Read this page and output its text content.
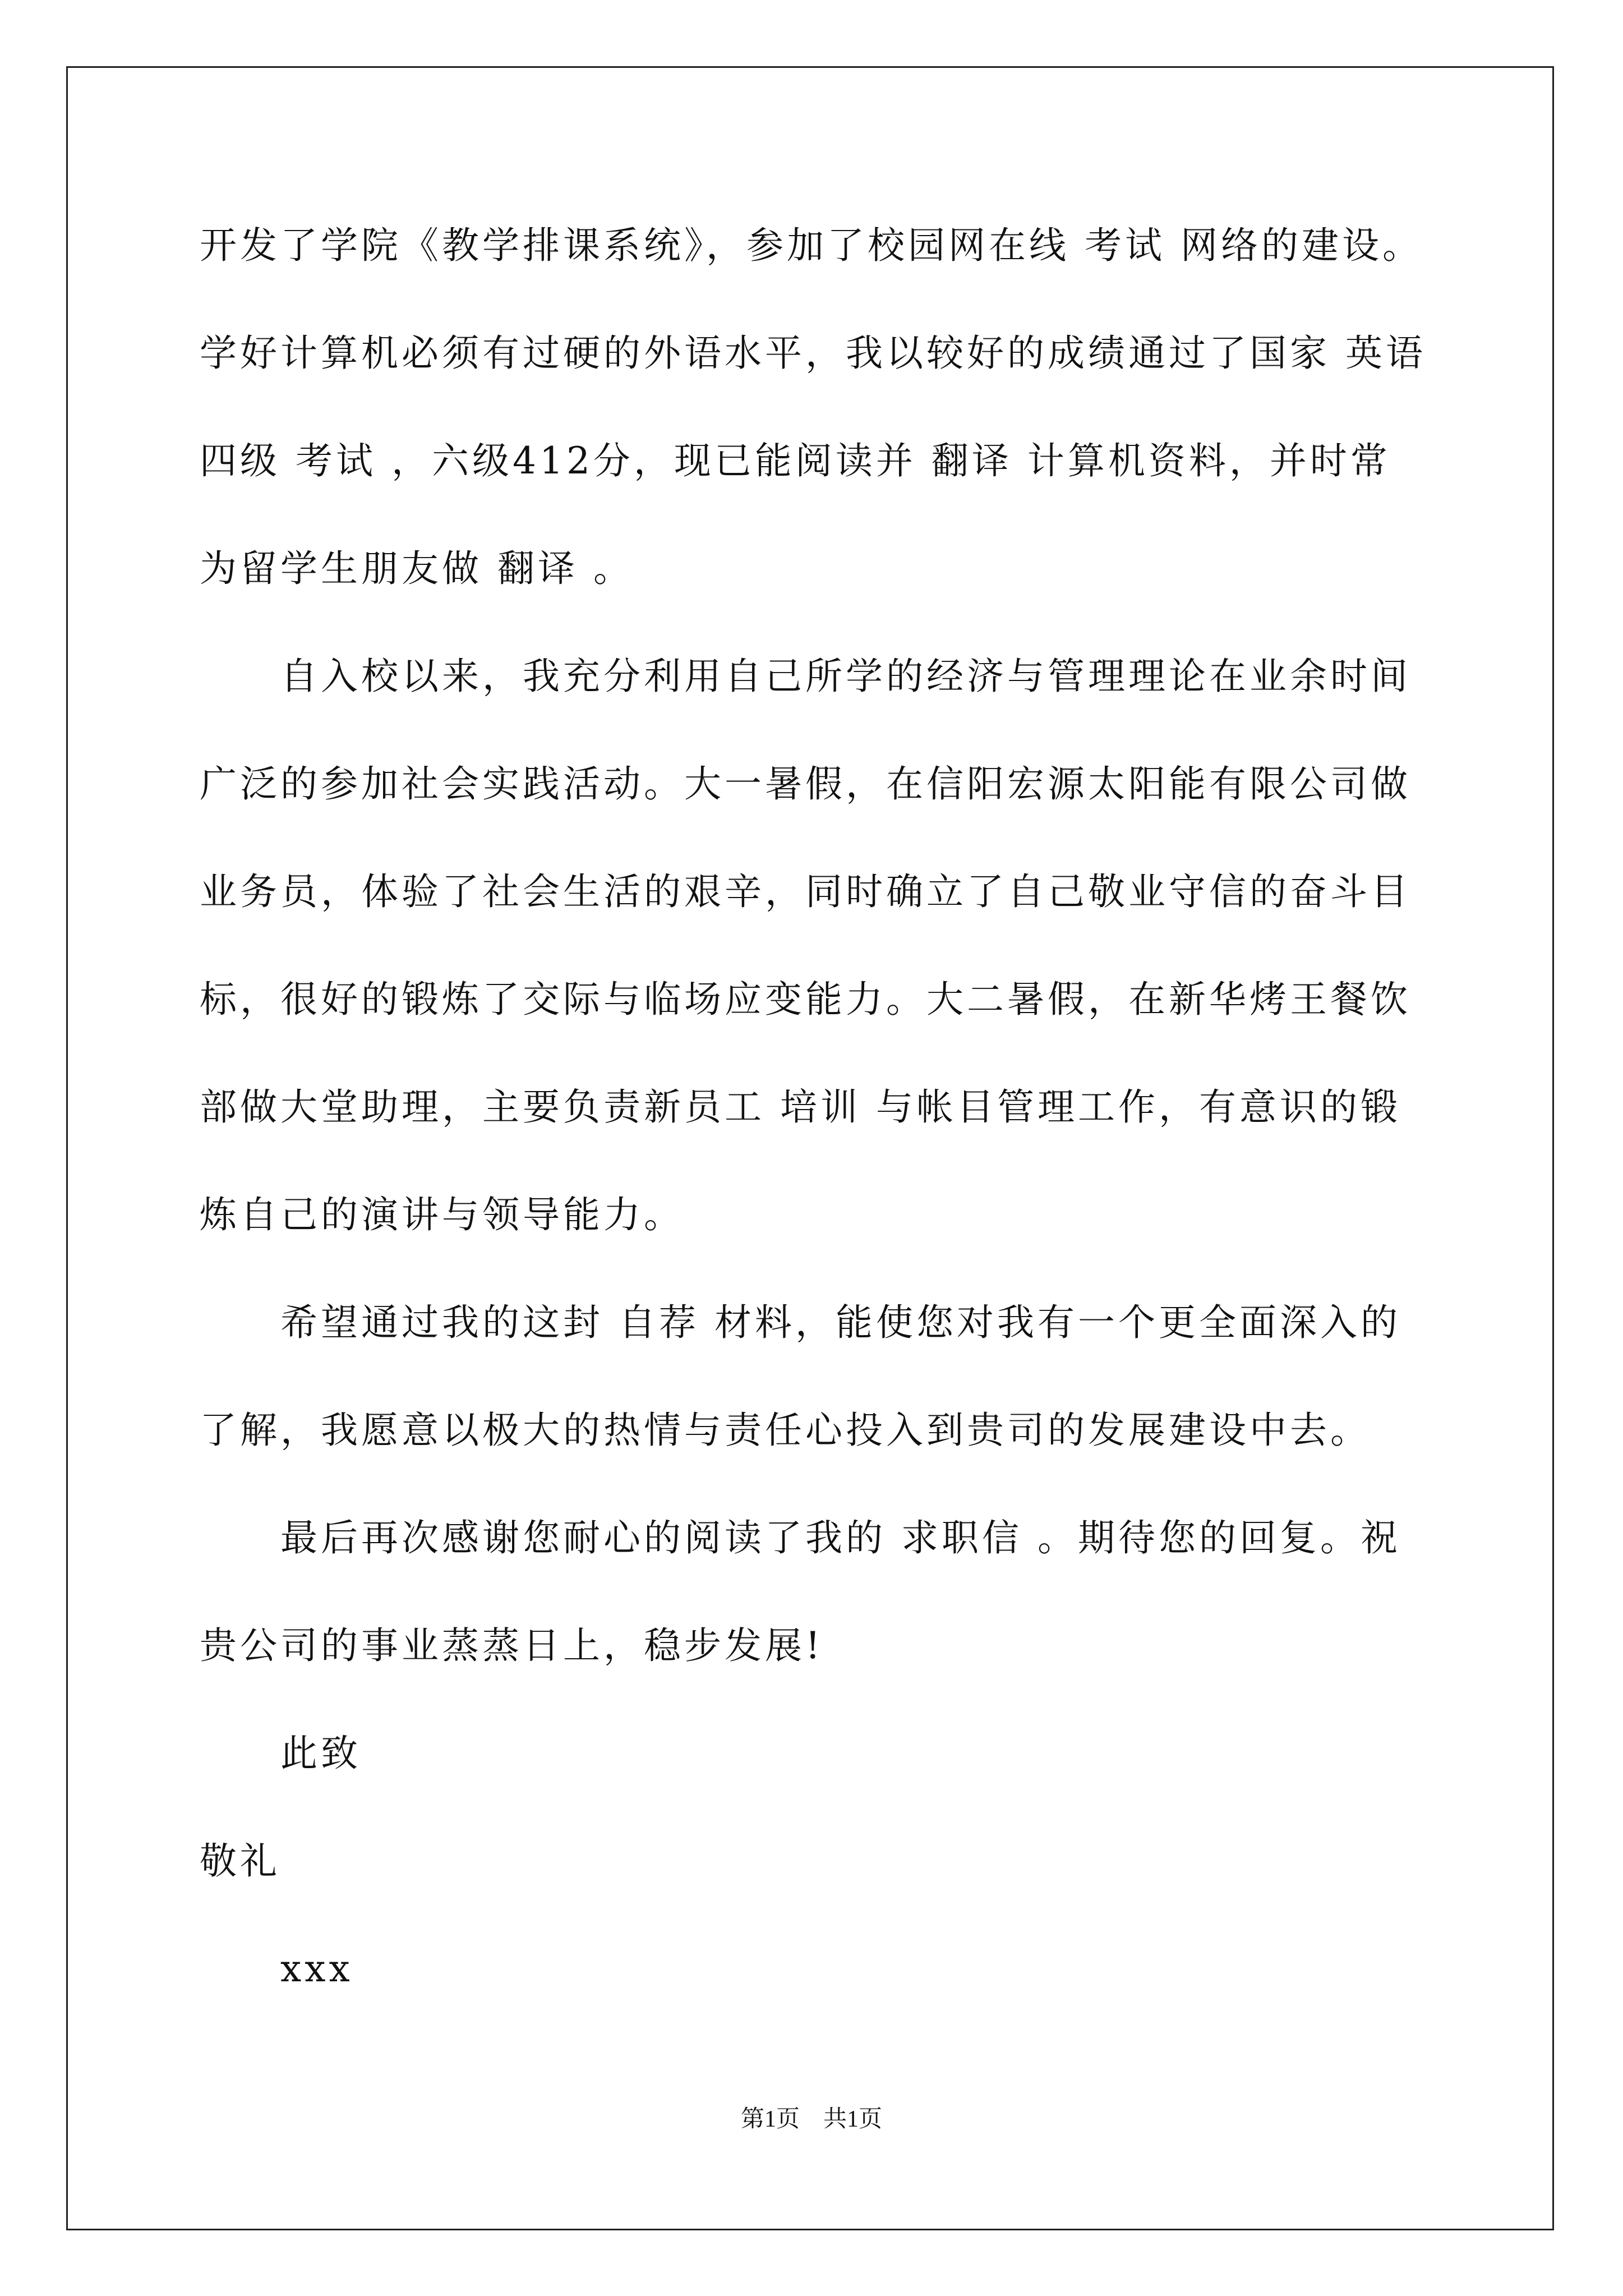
开发了学院《教学排课系统》，参加了校园网在线 考试 网络的建设。
学好计算机必须有过硬的外语水平，我以较好的成绩通过了国家 英语
四级 考试 ，六级412分，现已能阅读并 翻译 计算机资料，并时常
为留学生朋友做 翻译 。
　　自入校以来，我充分利用自己所学的经济与管理理论在业余时间
广泛的参加社会实践活动。大一暑假，在信阳宏源太阳能有限公司做
业务员，体验了社会生活的艰辛，同时确立了自己敬业守信的奋斗目
标，很好的锻炼了交际与临场应变能力。大二暑假，在新华烤王餐饮
部做大堂助理，主要负责新员工 培训 与帐目管理工作，有意识的锻
炼自己的演讲与领导能力。
　　希望通过我的这封 自荐 材料，能使您对我有一个更全面深入的
了解，我愿意以极大的热情与责任心投入到贵司的发展建设中去。
　　最后再次感谢您耐心的阅读了我的 求职信 。期待您的回复。祝
贵公司的事业蒸蒸日上，稳步发展!
　　此致
敬礼
　　xxx
第1页　共1页
